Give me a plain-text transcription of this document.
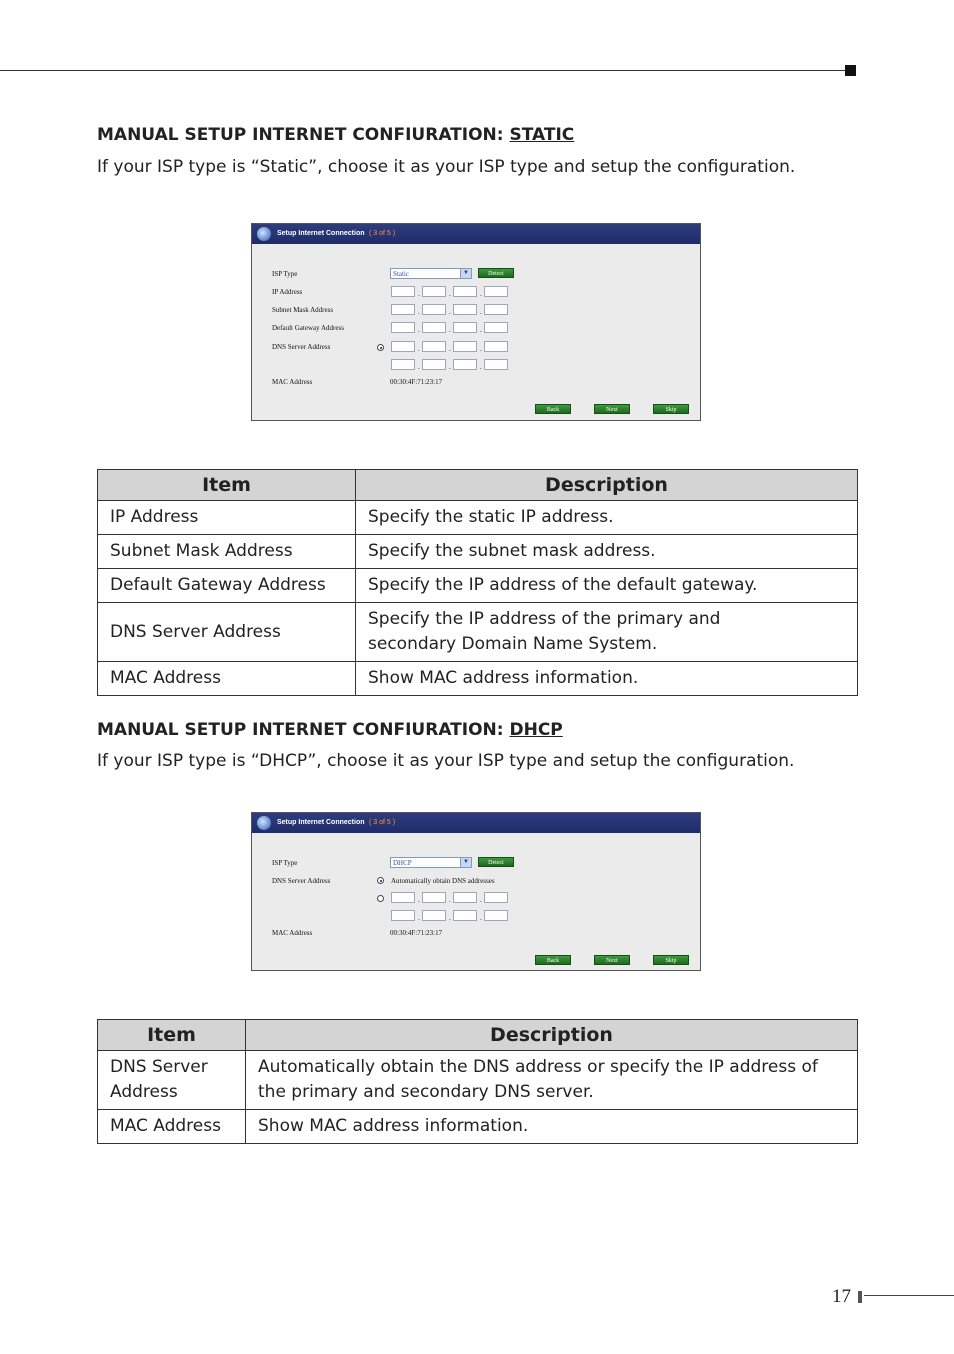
MANUAL SETUP INTERNET CONFIURATION: STATIC
If your ISP type is “Static”, choose it as your ISP type and setup the configuration.
Setup Internet Connection ( 3 of 5 )
ISP Type	Static	▼	Detect
IP Address	.	.	.
Subnet Mask Address	.	.	.
Default Gateway Address	.	.	.
DNS Server Address	.	.	.
.	.	.
MAC Address	00:30:4F:71:23:17
Back	Next	Skip
Item	Description
IP Address	Specify the static IP address.
Subnet Mask Address	Specify the subnet mask address.
Default Gateway Address	Specify the IP address of the default gateway.
DNS Server Address	Specify the IP address of the primary and secondary Domain Name System.
MAC Address	Show MAC address information.
MANUAL SETUP INTERNET CONFIURATION: DHCP
If your ISP type is “DHCP”, choose it as your ISP type and setup the configuration.
Setup Internet Connection ( 3 of 5 )
ISP Type	DHCP	▼	Detect
DNS Server Address	Automatically obtain DNS addresses
.	.	.
.	.	.
MAC Address	00:30:4F:71:23:17
Back	Next	Skip
Item	Description
DNS Server Address	Automatically obtain the DNS address or specify the IP address of the primary and secondary DNS server.
MAC Address	Show MAC address information.
17
